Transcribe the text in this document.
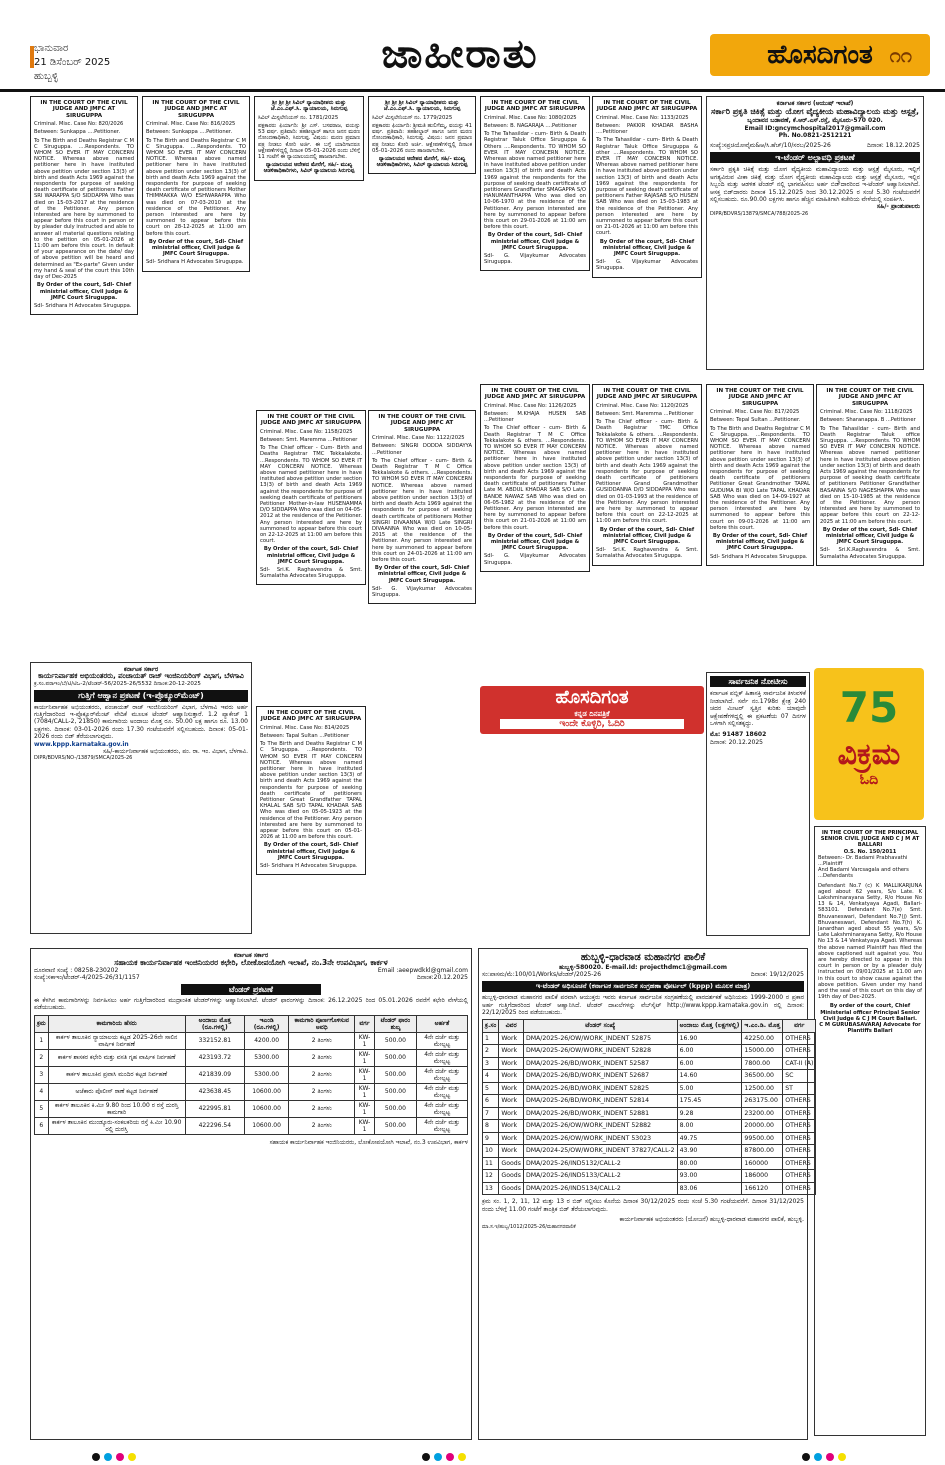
ಭಾನುವಾರ
21 ಡಿಸೆಂಬರ್ 2025
ಹುಬ್ಬಳ್ಳಿ	ಜಾಹೀರಾತು	ಹೊಸದಿಗಂತ ೧೧
IN THE COURT OF THE CIVIL JUDGE AND JMFC AT SIRUGUPPA

Criminal. Misc. Case No: 820/2026

Between: Sunkappa ....Petitioner.

To The Birth and Deaths Registrar C M C Siruguppa. ....Respondents. TO WHOM SO EVER IT MAY CONCERN NOTICE. Whereas above named petitioner here in have instituted above petition under section 13(3) of birth and death Acts 1969 against the respondents for purpose of seeking death certificate of petitioners Father SRI WARAPPA S/O SIDDAPPA Who was died on 15-03-2017 at the residence of the Petitioner. Any person interested are here by summoned to appear before this court in person or by pleader duly instructed and able to answer all material questions relating to the petition on 05-01-2026 at 11:00 am before this court. In default of your appearance on the date/ day of above petition will be heard and determined as "Ex-parte" Given under my hand & seal of the court this 10th day of Dec-2025

By Order of the court, Sdl- Chief ministrial officer, Civil judge & JMFC Court Siruguppa.

Sdl- Sridhara H Advocates Siruguppa.

IN THE COURT OF THE CIVIL JUDGE AND JMFC AT SIRUGUPPA

Criminal. Misc. Case No: 816/2025

Between: Sunkappa ....Petitioner.

To The Birth and Deaths Registrar C M C Siruguppa. ....Respondents. TO WHOM SO EVER IT MAY CONCERN NOTICE. Whereas above named petitioner here in have instituted above petition under section 13(3) of birth and death Acts 1969 against the respondents for purpose of seeking death certificate of petitioners Mother THIMMAKKA W/O ESHWARAPPA Who was died on 07-03-2010 at the residence of the Petitioner. Any person interested are here by summoned to appear before this court on 28-12-2025 at 11:00 am before this court.

By Order of the court, Sdl- Chief ministrial officer, Civil judge & JMFC Court Siruguppa.

Sdl- Sridhara H Advocates Siruguppa.

ಶ್ರೀ ಶ್ರೀ ಶ್ರೀ ಸಿವಿಲ್ ನ್ಯಾಯಾಧೀಶರು ಮತ್ತು ಜೆ.ಎಂ.ಎಫ್.ಸಿ. ನ್ಯಾಯಾಲಯ, ಸಿರುಗುಪ್ಪ

ಸಿವಿಲ್ ಮಿಸ್ಸಲೇನಿಯಸ್ ನಂ. 1781/2025

ಪಕ್ಷಕಾರರು ಫಿರ್ಯಾದಿ: ಶ್ರೀ ಎಸ್. ಬಸವರಾಜ, ವಯಸ್ಸು 53 ವರ್ಷ. ಪ್ರತಿವಾದಿ: ತಹಶೀಲ್ದಾರ್ ಹಾಗೂ ಜನನ ಮರಣ ನೋಂದಣಾಧಿಕಾರಿ, ಸಿರುಗುಪ್ಪ. ವಿಷಯ: ಮರಣ ಪ್ರಮಾಣ ಪತ್ರ ನೀಡಲು ಕೋರಿ ಅರ್ಜಿ. ಈ ಬಗ್ಗೆ ಯಾರಿಗಾದರೂ ಆಕ್ಷೇಪಣೆಗಳಿದ್ದಲ್ಲಿ ದಿನಾಂಕ 05-01-2026 ರಂದು ಬೆಳಿಗ್ಗೆ 11 ಗಂಟೆಗೆ ಈ ನ್ಯಾಯಾಲಯದಲ್ಲಿ ಹಾಜರಾಗಬೇಕು.

ನ್ಯಾಯಾಲಯದ ಆದೇಶದ ಮೇರೆಗೆ, ಸಹಿ/- ಮುಖ್ಯ ಆಡಳಿತಾಧಿಕಾರಿಗಳು, ಸಿವಿಲ್ ನ್ಯಾಯಾಲಯ ಸಿರುಗುಪ್ಪ

ಶ್ರೀ ಶ್ರೀ ಶ್ರೀ ಸಿವಿಲ್ ನ್ಯಾಯಾಧೀಶರು ಮತ್ತು ಜೆ.ಎಂ.ಎಫ್.ಸಿ. ನ್ಯಾಯಾಲಯ, ಸಿರುಗುಪ್ಪ

ಸಿವಿಲ್ ಮಿಸ್ಸಲೇನಿಯಸ್ ನಂ. 1779/2025

ಪಕ್ಷಕಾರರು ಫಿರ್ಯಾದಿ: ಶ್ರೀಮತಿ ಹುಲಿಗೆಮ್ಮ, ವಯಸ್ಸು 41 ವರ್ಷ. ಪ್ರತಿವಾದಿ: ತಹಶೀಲ್ದಾರ್ ಹಾಗೂ ಜನನ ಮರಣ ನೋಂದಣಾಧಿಕಾರಿ, ಸಿರುಗುಪ್ಪ. ವಿಷಯ: ಜನನ ಪ್ರಮಾಣ ಪತ್ರ ನೀಡಲು ಕೋರಿ ಅರ್ಜಿ. ಆಕ್ಷೇಪಣೆಗಳಿದ್ದಲ್ಲಿ ದಿನಾಂಕ 05-01-2026 ರಂದು ಹಾಜರಾಗಬೇಕು.

ನ್ಯಾಯಾಲಯದ ಆದೇಶದ ಮೇರೆಗೆ, ಸಹಿ/- ಮುಖ್ಯ ಆಡಳಿತಾಧಿಕಾರಿಗಳು, ಸಿವಿಲ್ ನ್ಯಾಯಾಲಯ ಸಿರುಗುಪ್ಪ

IN THE COURT OF THE CIVIL JUDGE AND JMFC AT SIRUGUPPA

Criminal. Misc. Case No: 1080/2025

Between: B. NAGARAJA ....Petitioner

To The Tahasildar - cum- Birth & Death Registrar Taluk Office Siruguppa & Others ....Respondents. TO WHOM SO EVER IT MAY CONCERN NOTICE. Whereas above named petitioner here in have instituted above petition under section 13(3) of birth and death Acts 1969 against the respondents for the purpose of seeking death certificate of petitioners GrandFarter SMAGAPPA S/O HANUMANTHAPPA Who was died on 10-06-1970 at the residence of the Petitioner. Any person interested are here by summoned to appear before this court on 29-01-2026 at 11:00 am before this court.

By Order of the court, Sdl- Chief ministrial officer, Civil judge & JMFC Court Siruguppa.

Sdl- G. Vijaykumar Advocates Siruguppa.

IN THE COURT OF THE CIVIL JUDGE AND JMFC AT SIRUGUPPA

Criminal. Misc. Case No: 1133/2025

Between: PAKKIR KHADAR BASHA ....Petitioner

To The Tahasildar - cum- Birth & Death Registrar Taluk Office Siruguppa & other ....Respondents. TO WHOM SO EVER IT MAY CONCERN NOTICE. Whereas above named petitioner here in have instituted above petition under section 13(3) of birth and death Acts 1969 against the respondents for purpose of seeking death certificate of petitioners Father RAJASAB S/O HUSEN SAB Who was died on 15-03-1983 at the residence of the Petitioner. Any person interested are here by summoned to appear before this court on 21-01-2026 at 11:00 am before this court.

By Order of the court, Sdl- Chief ministrial officer, Civil judge & JMFC Court Siruguppa.

Sdl- G. Vijaykumar Advocates Siruguppa.

ಕರ್ನಾಟಕ ಸರ್ಕಾರ (ಆಯುಷ್ ಇಲಾಖೆ)
ಸರ್ಕಾರಿ ಪ್ರಕೃತಿ ಚಿಕಿತ್ಸೆ ಮತ್ತು ಯೋಗ ವೈದ್ಯಕೀಯ ಮಹಾವಿದ್ಯಾಲಯ ಮತ್ತು ಆಸ್ಪತ್ರೆ,
ಬೃಂದಾವನ ಬಡಾವಣೆ, ಕೆ.ಆರ್.ಎಸ್.ರಸ್ತೆ, ಮೈಸೂರು-570 020.
Email ID:gncymchospital2017@gmail.com
Ph. No.0821-2512121
ಸಂಖ್ಯೆ:ಸಪ್ರಚಿಯೋವೈಮ&ಆ/ಸಿ.ಹೆಚ್/10/ಸರಬ/2025-26	ದಿನಾಂಕ: 18.12.2025
ಇ-ಟೆಂಡರ್ ಅಲ್ಪಾವಧಿ ಪ್ರಕಟಣೆ

ಸರ್ಕಾರಿ ಪ್ರಕೃತಿ ಚಿಕಿತ್ಸೆ ಮತ್ತು ಯೋಗ ವೈದ್ಯಕೀಯ ಮಹಾವಿದ್ಯಾಲಯ ಮತ್ತು ಆಸ್ಪತ್ರೆ ಮೈಸೂರು, ಇಲ್ಲಿಗೆ ಅಗತ್ಯವಿರುವ ವೀಕಾ ಚಿಕಿತ್ಸೆ ಮತ್ತು ಯೋಗ ವೈದ್ಯಕೀಯ ಮಹಾವಿದ್ಯಾಲಯ ಮತ್ತು ಆಸ್ಪತ್ರೆ ಮೈಸೂರು, ಇಲ್ಲಿನ ಸಿಬ್ಬಂದಿ ಮತ್ತು ಆಡಳಿತ ಟೆಂಡರ್ ನಲ್ಲಿ ಭಾಗವಹಿಸಲು ಅರ್ಹ ಬಿಡ್‌ದಾರರಿಂದ ಇ-ಟೆಂಡರ್ ಆಹ್ವಾನಿಸಲಾಗಿದೆ. ಆಸಕ್ತ ಬಿಡ್‌ದಾರರು ದಿನಾಂಕ 15.12.2025 ರಿಂದ 30.12.2025 ರ ಸಂಜೆ 5.30 ಗಂಟೆಯವರೆಗೆ ಸಲ್ಲಿಸಬಹುದು. ರೂ.90.00 ಲಕ್ಷಗಳು ಹಾಗೂ ಹೆಚ್ಚಿನ ಮಾಹಿತಿಗಾಗಿ ಕಚೇರಿಯ ವೇಳೆಯಲ್ಲಿ ಸಂಪರ್ಕಿಸಿ.

ಸಹಿ/- ಪ್ರಾಂಶುಪಾಲರು

DIPR/BDVRS/13879/SMCA/788/2025-26

IN THE COURT OF THE CIVIL JUDGE AND JMFC AT SIRUGUPPA

Criminal. Misc. Case No: 1158/2025

Between: Smt. Maremma ...Petitioner

To The Chief officer - Cum- Birth and Deaths Registrar TMC Tekkalakote. ...Respondents. TO WHOM SO EVER IT MAY CONCERN NOTICE. Whereas above named petitioner here in have instituted above petition under section 13(3) of birth and death Acts 1969 against the respondents for purpose of seeking death certificate of petitioners Petitioner Mother-in-law HUSENAMMA D/O SIDDAPPA Who was died on 04-05-2012 at the residence of the Petitioner. Any person interested are here by summoned to appear before this court on 22-12-2025 at 11:00 am before this court.

By Order of the court, Sdl- Chief ministrial officer, Civil judge & JMFC Court Siruguppa.

Sdl- Sri.K. Raghavendra & Smt. Sumalatha Advocates Siruguppa.

IN THE COURT OF THE CIVIL JUDGE AND JMFC AT SIRUGUPPA

Criminal. Misc. Case No: 1122/2025

Between: SINGRI DODDA SIDDAYYA ...Petitioner

To The Chief officer - cum- Birth & Death Registrar T M C Office Tekkalakote & others. ...Respondents. TO WHOM SO EVER IT MAY CONCERN NOTICE. Whereas above named petitioner here in have instituted above petition under section 13(3) of birth and death Acts 1969 against the respondents for purpose of seeking death certificate of petitioners Mother SINGRI DIVAANNA W/O Late SINGRI DIVAANNA Who was died on 10-05-2015 at the residence of the Petitioner. Any person interested are here by summoned to appear before this court on 24-01-2026 at 11:00 am before this court.

By Order of the court, Sdl- Chief ministrial officer, Civil judge & JMFC Court Siruguppa.

Sdl- G. Vijaykumar Advocates Siruguppa.

IN THE COURT OF THE CIVIL JUDGE AND JMFC AT SIRUGUPPA

Criminal. Misc. Case No: 1126/2025

Between: M.KHAJA HUSEN SAB ...Petitioner

To The Chief officer - cum- Birth & Death Registrar T M C Office Tekkalakote & others. ...Respondents. TO WHOM SO EVER IT MAY CONCERN NOTICE. Whereas above named petitioner here in have instituted above petition under section 13(3) of birth and death Acts 1969 against the respondents for purpose of seeking death certificate of petitioners Father Late M. ABDUL KHADAR SAB S/O Late. BANDE NAWAZ SAB Who was died on 06-05-1982 at the residence of the Petitioner. Any person interested are here by summoned to appear before this court on 21-01-2026 at 11:00 am before this court.

By Order of the court, Sdl- Chief ministrial officer, Civil judge & JMFC Court Siruguppa.

Sdl- G. Vijaykumar Advocates Siruguppa.

IN THE COURT OF THE CIVIL JUDGE AND JMFC AT SIRUGUPPA

Criminal. Misc. Case No: 1120/2025

Between: Smt. Maremma ...Petitioner

To The Chief officer - cum- Birth & Death Registrar TMC Office Tekkalakote & others. ...Respondents. TO WHOM SO EVER IT MAY CONCERN NOTICE. Whereas above named petitioner here in have instituted above petition under section 13(3) of birth and death Acts 1969 against the respondents for purpose of seeking death certificate of petitioners Petitioner Grand Grandmother GUSIDDANNA D/O SIDDAPPA Who was died on 01-03-1993 at the residence of the Petitioner. Any person interested are here by summoned to appear before this court on 22-12-2025 at 11:00 am before this court.

By Order of the court, Sdl- Chief ministrial officer, Civil judge & JMFC Court Siruguppa.

Sdl- Sri.K. Raghavendra & Smt. Sumalatha Advocates Siruguppa.

IN THE COURT OF THE CIVIL JUDGE AND JMFC AT SIRUGUPPA

Criminal. Misc. Case No: 817/2025

Between: Tepal Sultan ...Petitioner.

To The Birth and Deaths Registrar C M C Siruguppa. ...Respondents. TO WHOM SO EVER IT MAY CONCERN NOTICE. Whereas above named petitioner here in have instituted above petition under section 13(3) of birth and death Acts 1969 against the respondents for purpose of seeking death certificate of petitioners Petitioner Great Grandmother TAPAL GUDUMA BI W/O Late TAPAL KHADAR SAB Who was died on 14-09-1927 at the residence of the Petitioner. Any person interested are here by summoned to appear before this court on 09-01-2026 at 11:00 am before this court.

By Order of the court, Sdl- Chief ministrial officer, Civil judge & JMFC Court Siruguppa.

Sdl- Sridhara H Advocates Siruguppa.

IN THE COURT OF THE CIVIL JUDGE AND JMFC AT SIRUGUPPA

Criminal. Misc. Case No: 1118/2025

Between: Sharanappa. B ...Petitioner

To The Tahasildar - cum- Birth and Death Registrar Taluk office Siruguppa. ...Respondents. TO WHOM SO EVER IT MAY CONCERN NOTICE. Whereas above named petitioner here in have instituted above petition under section 13(3) of birth and death Acts 1969 against the respondents for purpose of seeking death certificate of petitioners Petitioner Grandfather BASANNA S/O NAGESHAPPA Who was died on 15-10-1985 at the residence of the Petitioner. Any person interested are here by summoned to appear before this court on 22-12-2025 at 11:00 am before this court.

By Order of the court, Sdl- Chief ministrial officer, Civil judge & JMFC Court Siruguppa.

Sdl- Sri.K.Raghavendra & Smt. Sumalatha Advocates Siruguppa.

ಕರ್ನಾಟಕ ಸರ್ಕಾರ
ಕಾರ್ಯನಿರ್ವಾಹಕ ಅಭಿಯಂತರರು, ಪಂಚಾಯತ್ ರಾಜ್ ಇಂಜಿನಿಯರಿಂಗ್ ವಿಭಾಗ, ಬೆಳಗಾವಿ
ಕ್ರ.ಸಂ.ಪರಾಇಂ/ಬೆ/ಟಿ/ಟಿಒ-2/ಟೆಂಡರ್-56/2025-26/5532 ದಿನಾಂಕ:20-12-2025
ಗುತ್ತಿಗೆ ಆಹ್ವಾನ ಪ್ರಕಟಣೆ (ಇ-ಪ್ರೊಕ್ಯೂರ್‌ಮೆಂಟ್)

ಕಾರ್ಯನಿರ್ವಾಹಕ ಅಭಿಯಂತರರು, ಪಂಚಾಯತ್ ರಾಜ್ ಇಂಜಿನಿಯರಿಂಗ್ ವಿಭಾಗ, ಬೆಳಗಾವಿ ಇವರು ಅರ್ಹ ಗುತ್ತಿಗೆದಾರರಿಂದ ಇ-ಪ್ರೊಕ್ಯೂರ್‌ಮೆಂಟ್ ವೇದಿಕೆ ಮೂಲಕ ಟೆಂಡರ್ ಆಹ್ವಾನಿಸುತ್ತಾರೆ. 1.2 ಪ್ಯಾಕೇಜ್ 1 (7084/CALL-2, 21850) ಕಾಮಗಾರಿಯ ಅಂದಾಜು ಮೊತ್ತ ರೂ. 50.00 ಲಕ್ಷ ಹಾಗೂ ರೂ. 13.00 ಲಕ್ಷಗಳು. ದಿನಾಂಕ: 03-01-2026 ರಂದು 17.30 ಗಂಟೆಯವರೆಗೆ ಸಲ್ಲಿಸಬಹುದು. ದಿನಾಂಕ: 05-01-2026 ರಂದು ಬಿಡ್ ತೆರೆಯಲಾಗುವುದು.

www.kppp.karnataka.gov.in

ಸಹಿ/-ಕಾರ್ಯನಿರ್ವಾಹಕ ಅಭಿಯಂತರರು, ಪಂ. ರಾ. ಇಂ. ವಿಭಾಗ, ಬೆಳಗಾವಿ.

DIPR/BDVRS/NO-/13879/SMCA/2025-26

IN THE COURT OF THE CIVIL JUDGE AND JMFC AT SIRUGUPPA

Criminal. Misc. Case No: 814/2025

Between: Tapal Sultan ...Petitioner

To The Birth and Deaths Registrar C M C Siruguppa. ...Respondents. TO WHOM SO EVER IT MAY CONCERN NOTICE. Whereas above named petitioner here in have instituted above petition under section 13(3) of birth and death Acts 1969 against the respondents for purpose of seeking death certificate of petitioners Petitioner Great Grandfather TAPAL KHALAL SAB S/O TAPAL KHADAR SAB Who was died on 05-05-1923 at the residence of the Petitioner. Any person interested are here by summoned to appear before this court on 05-01-2026 at 11:00 am before this court.

By Order of the court, Sdl- Chief ministrial officer, Civil judge & JMFC Court Siruguppa.

Sdl- Sridhara H Advocates Siruguppa.

ಹೊಸದಿಗಂತ
ಕನ್ನಡ ದಿನಪತ್ರಿಕೆ
ಇಂದೇ ಕೊಳ್ಳಿರಿ, ಓದಿರಿ
ಸಾರ್ವಜನಿಕ ನೋಟೀಸು

ಕರ್ನಾಟಕ ಪಬ್ಲಿಕ್ ಹಿತಾಸಕ್ತಿ ಸಾರ್ವಜನಿಕ ತಿಳುವಳಿಕೆ ನೀಡಲಾಗಿದೆ. ಸರ್ವೆ ನಂ.1798ರ ಕ್ಷೇತ್ರ 240 ಚದರ ಮೀಟರ್ ಸ್ವತ್ತಿನ ಕುರಿತು ಯಾವುದೇ ಆಕ್ಷೇಪಣೆಗಳಿದ್ದಲ್ಲಿ ಈ ಪ್ರಕಟಣೆಯ 07 ದಿನಗಳ ಒಳಗಾಗಿ ಸಲ್ಲಿಸತಕ್ಕದ್ದು.

ಮೊ: 91487 18602

ದಿನಾಂಕ: 20.12.2025

75
ವಿಕ್ರಮ
ಓದಿ
IN THE COURT OF THE PRINCIPAL SENIOR CIVIL JUDGE AND C J M AT BALLARI
O.S. No. 150/2011

Between:- Dr. Badami Prabhavathi ...Plaintiff

And Badami Varcsagala and others ...Defendants

Defendant No.7 (c) K MALLIKARJUNA aged about 62 years, S/o Late. K Lakshminarayana Setty, R/o House No 13 & 14, Venkatyaya Agadi, Ballari-583101. Defendant No.7(e) Smt. Bhuvaneswari, Defendant No.7(j) Smt. Bhuvaneswari, Defendant No.7(h) K. Janardhan aged about 55 years, S/o Late Lakshminarayana Setty, R/o House No 13 & 14 Venkatyaya Agadi. Whereas the above named Plaintiff has filed the above captioned suit against you. You are hereby directed to appear in this court in person or by a pleader duly instructed on 09/01/2025 at 11.00 am in this court to show cause against the above petition. Given under my hand and the seal of this court on this day of 19th day of Dec-2025.

By order of the court, Chief Ministerial officer Principal Senior Civil Judge & C J M Court Ballari.

C M GURUBASAVARAJ Advocate for Plantiffs Ballari

ಕರ್ನಾಟಕ ಸರ್ಕಾರ
ಸಹಾಯಕ ಕಾರ್ಯನಿರ್ವಾಹಕ ಇಂಜಿನಿಯರರ ಕಛೇರಿ, ಲೋಕೋಪಯೋಗಿ ಇಲಾಖೆ, ನಂ.3ನೇ ಉಪವಿಭಾಗ, ಕಾರ್ಕಳ
ದೂರವಾಣಿ ಸಂಖ್ಯೆ : 08258-230202	Email :aeepwdkkl@gmail.com
ಸಂಖ್ಯೆ:ಸಕಾಇಂ/ಟೆಂಡರ್-4/2025-26/31/1157	ದಿನಾಂಕ:20.12.2025
ಟೆಂಡರ್ ಪ್ರಕಟಣೆ

ಈ ಕೆಳಗಿನ ಕಾಮಗಾರಿಗಳನ್ನು ನಿರ್ವಹಿಸಲು ಅರ್ಹ ಗುತ್ತಿಗೆದಾರರಿಂದ ಮುದ್ರಾಂಕಿತ ಟೆಂಡರ್‌ಗಳನ್ನು ಆಹ್ವಾನಿಸಲಾಗಿದೆ. ಟೆಂಡರ್ ಫಾರಂಗಳನ್ನು ದಿನಾಂಕ: 26.12.2025 ರಿಂದ 05.01.2026 ರವರೆಗೆ ಕಛೇರಿ ವೇಳೆಯಲ್ಲಿ ಪಡೆಯಬಹುದು.

ಕ್ರಮ	ಕಾಮಗಾರಿಯ ಹೆಸರು	ಅಂದಾಜು ಮೊತ್ತ (ರೂ.ಗಳಲ್ಲಿ)	ಇಎಂಡಿ (ರೂ.ಗಳಲ್ಲಿ)	ಕಾಮಗಾರಿ ಪೂರ್ಣಗೊಳಿಸುವ ಅವಧಿ	ವರ್ಗ	ಟೆಂಡರ್ ಫಾರಂ ಶುಲ್ಕ	ಅರ್ಹತೆ
1	ಕಾರ್ಕಳ ತಾಲೂಕಿನ ನ್ಯಾಯಾಲಯ ಕಟ್ಟಡ 2025-26ನೇ ಸಾಲಿನ ವಾರ್ಷಿಕ ನಿರ್ವಹಣೆ	332152.81	4200.00	2 ತಿಂಗಳು	KW-1	500.00	4ನೇ ದರ್ಜೆ ಮತ್ತು ಮೇಲ್ಪಟ್ಟ
2	ಕಾರ್ಕಳ ಶಾಸಕರ ಕಛೇರಿ ಮತ್ತು ವಸತಿ ಗೃಹ ವಾರ್ಷಿಕ ನಿರ್ವಹಣೆ	423193.72	5300.00	2 ತಿಂಗಳು	KW-1	500.00	4ನೇ ದರ್ಜೆ ಮತ್ತು ಮೇಲ್ಪಟ್ಟ
3	ಕಾರ್ಕಳ ತಾಲೂಕಿನ ಪ್ರವಾಸಿ ಮಂದಿರ ಕಟ್ಟಡ ನಿರ್ವಹಣೆ	421839.09	5300.00	2 ತಿಂಗಳು	KW-1	500.00	4ನೇ ದರ್ಜೆ ಮತ್ತು ಮೇಲ್ಪಟ್ಟ
4	ಅಜೆಕಾರು ಪೊಲೀಸ್ ಠಾಣೆ ಕಟ್ಟಡ ನಿರ್ವಹಣೆ	423638.45	10600.00	2 ತಿಂಗಳು	KW-1	500.00	4ನೇ ದರ್ಜೆ ಮತ್ತು ಮೇಲ್ಪಟ್ಟ
5	ಕಾರ್ಕಳ ತಾಲೂಕಿನ ಕಿ.ಮೀ 9.80 ರಿಂದ 10.00 ರ ರಸ್ತೆ ದುರಸ್ತಿ ಕಾಮಗಾರಿ	422995.81	10600.00	2 ತಿಂಗಳು	KW-1	500.00	4ನೇ ದರ್ಜೆ ಮತ್ತು ಮೇಲ್ಪಟ್ಟ
6	ಕಾರ್ಕಳ ತಾಲೂಕಿನ ಮುಂಡ್ಕೂರು-ಸಂಕಲಕರಿಯ ರಸ್ತೆ ಕಿ.ಮೀ 10.90 ರಲ್ಲಿ ದುರಸ್ತಿ	422296.54	10600.00	2 ತಿಂಗಳು	KW-1	500.00	4ನೇ ದರ್ಜೆ ಮತ್ತು ಮೇಲ್ಪಟ್ಟ

ಸಹಾಯಕ ಕಾರ್ಯನಿರ್ವಾಹಕ ಇಂಜಿನಿಯರರು, ಲೋಕೋಪಯೋಗಿ ಇಲಾಖೆ, ನಂ.3 ಉಪವಿಭಾಗ, ಕಾರ್ಕಳ

ಹುಬ್ಬಳ್ಳಿ-ಧಾರವಾಡ ಮಹಾನಗರ ಪಾಲಿಕೆ
ಹುಬ್ಬಳ್ಳಿ-580020. E-mail.Id: projecthdmc1@gmail.com
ಸಂ:ಪಾಸಮ/ಮೆ:100/01/Works/ಟೆಂಡರ್/2025-26	ದಿನಾಂಕ: 19/12/2025
ಇ-ಟೆಂಡರ್ ಅಧಿಸೂಚನೆ (ಕರ್ನಾಟಕ ಸಾರ್ವಜನಿಕ ಸಂಗ್ರಹಣಾ ಪೋರ್ಟಲ್ (kppp) ಮೂಲಕ ಮಾತ್ರ)

ಹುಬ್ಬಳ್ಳಿ-ಧಾರವಾಡ ಮಹಾನಗರ ಪಾಲಿಕೆ ಪರವಾಗಿ ಆಯುಕ್ತರು ಇವರು ಕರ್ನಾಟಕ ಸಾರ್ವಜನಿಕ ಸಂಗ್ರಹಣೆಯಲ್ಲಿ ಪಾರದರ್ಶಕತೆ ಅಧಿನಿಯಮ 1999-2000 ರ ಪ್ರಕಾರ ಅರ್ಹ ಗುತ್ತಿಗೆದಾರರಿಂದ ಟೆಂಡರ್ ಆಹ್ವಾನಿಸಿದೆ. ಟೆಂಡರ್ ದಾಖಲೆಗಳನ್ನು ವೆಬ್‌ಸೈಟ್ http://www.kppp.karnataka.gov.in ರಲ್ಲಿ ದಿನಾಂಕ: 22/12/2025 ರಿಂದ ಪಡೆಯಬಹುದು.

ಕ್ರ.ಸಂ	ವಿವರ	ಟೆಂಡರ್ ಸಂಖ್ಯೆ	ಅಂದಾಜು ಮೊತ್ತ (ಲಕ್ಷಗಳಲ್ಲಿ)	ಇ.ಎಂ.ಡಿ. ಮೊತ್ತ	ವರ್ಗ
1	Work	DMA/2025-26/OW/WORK_INDENT 52875	16.90	42250.00	OTHERS
2	Work	DMA/2025-26/OW/WORK_INDENT 52828	6.00	15000.00	OTHERS
3	Work	DMA/2025-26/BD/WORK_INDENT 52587	6.00	7800.00	CAT-II (A)
4	Work	DMA/2025-26/BD/WORK_INDENT 52687	14.60	36500.00	SC
5	Work	DMA/2025-26/BD/WORK_INDENT 52825	5.00	12500.00	ST
6	Work	DMA/2025-26/BD/WORK_INDENT 52814	175.45	263175.00	OTHERS
7	Work	DMA/2025-26/BD/WORK_INDENT 52881	9.28	23200.00	OTHERS
8	Work	DMA/2025-26/OW/WORK_INDENT 52882	8.00	20000.00	OTHERS
9	Work	DMA/2025-26/OW/WORK_INDENT 53023	49.75	99500.00	OTHERS
10	Work	DMA/2024-25/OW/WORK_INDENT 37827/CALL-2	43.90	87800.00	OTHERS
11	Goods	DMA/2025-26/IND5132/CALL-2	80.00	160000	OTHERS
12	Goods	DMA/2025-26/IND5133/CALL-2	93.00	186000	OTHERS
13	Goods	DMA/2025-26/IND5134/CALL-2	83.06	166120	OTHERS

ಕ್ರಮ ಸಂ. 1, 2, 11, 12 ಮತ್ತು 13 ರ ಬಿಡ್ ಸಲ್ಲಿಸಲು ಕೊನೆಯ ದಿನಾಂಕ 30/12/2025 ರಂದು ಸಂಜೆ 5.30 ಗಂಟೆಯವರೆಗೆ. ದಿನಾಂಕ 31/12/2025 ರಂದು ಬೆಳಿಗ್ಗೆ 11.00 ಗಂಟೆಗೆ ತಾಂತ್ರಿಕ ಬಿಡ್ ತೆರೆಯಲಾಗುವುದು.

ಕಾರ್ಯನಿರ್ವಾಹಕ ಅಭಿಯಂತರರು (ಯೋಜನೆ) ಹುಬ್ಬಳ್ಳಿ-ಧಾರವಾಡ ಮಹಾನಗರ ಪಾಲಿಕೆ, ಹುಬ್ಬಳ್ಳಿ.

ಮಾ.ಸ.ಇ/ಹುಬ್ಬ/1012/2025-26/ಮಹಾನಗರಪಾಲಿಕೆ
